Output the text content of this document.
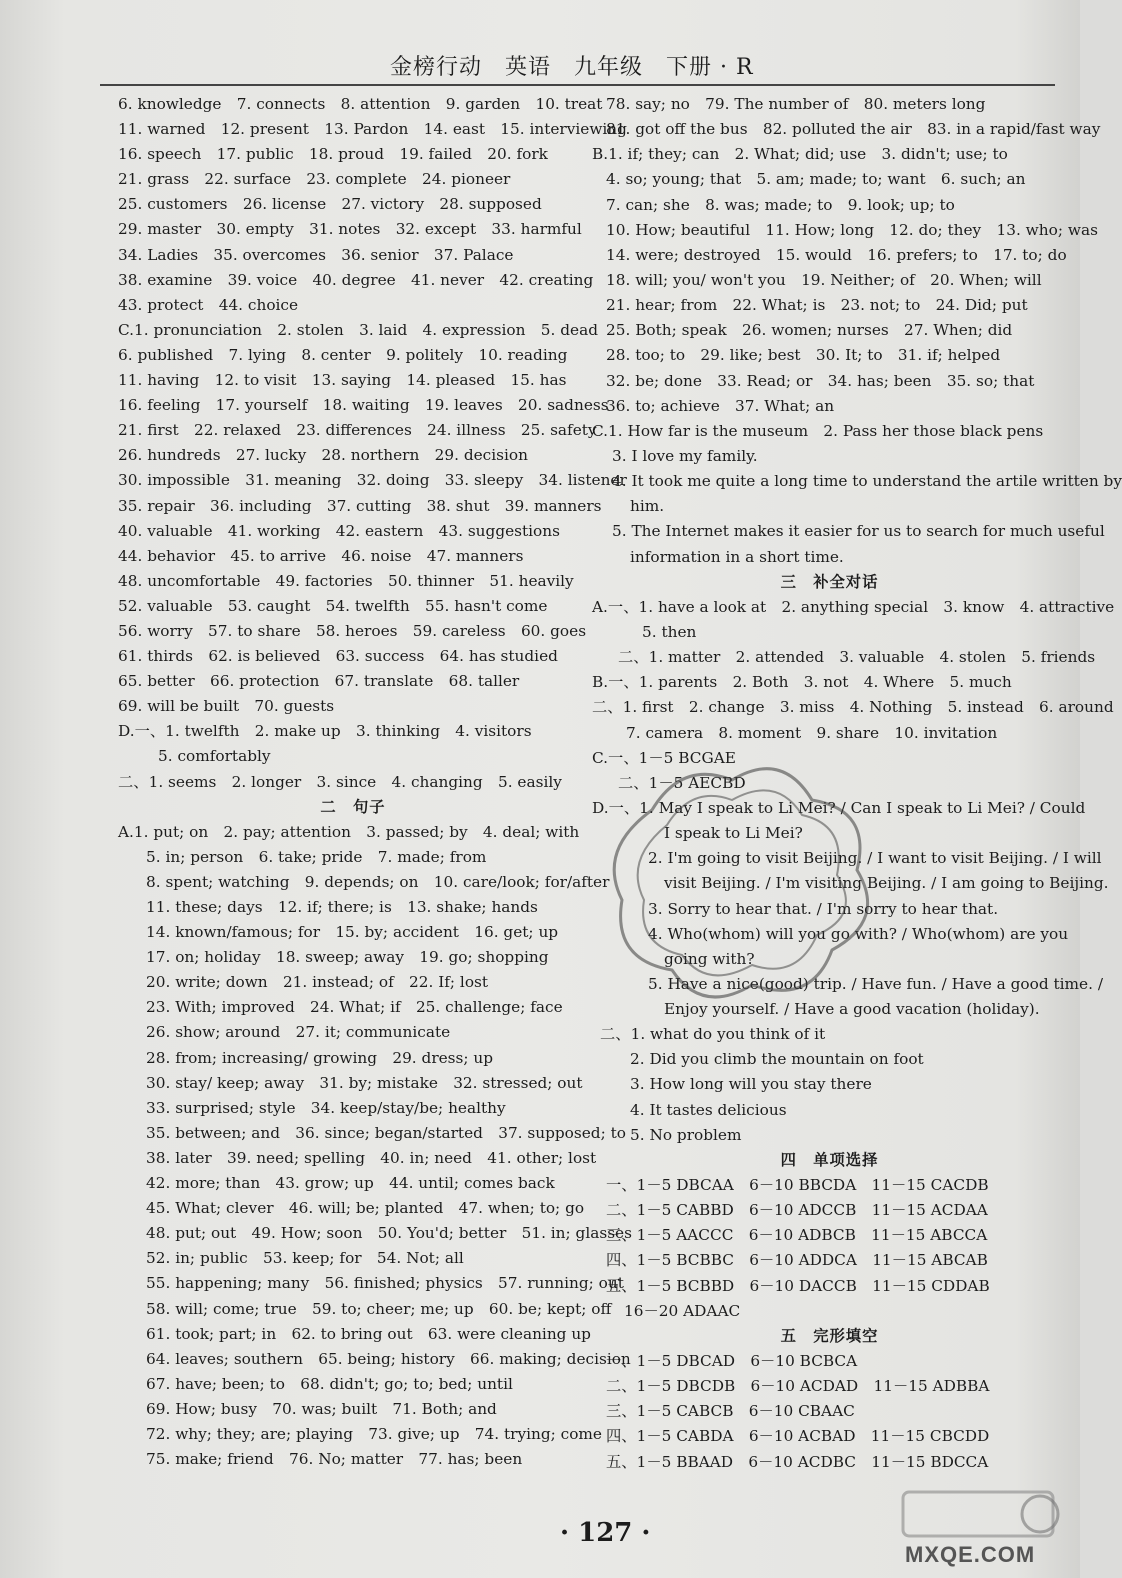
金榜行动　英语　九年级　下册 · R
6. knowledge　7. connects　8. attention　9. garden　10. treat
11. warned　12. present　13. Pardon　14. east　15. interviewing
16. speech　17. public　18. proud　19. failed　20. fork
21. grass　22. surface　23. complete　24. pioneer
25. customers　26. license　27. victory　28. supposed
29. master　30. empty　31. notes　32. except　33. harmful
34. Ladies　35. overcomes　36. senior　37. Palace
38. examine　39. voice　40. degree　41. never　42. creating
43. protect　44. choice
C.1. pronunciation　2. stolen　3. laid　4. expression　5. dead
6. published　7. lying　8. center　9. politely　10. reading
11. having　12. to visit　13. saying　14. pleased　15. has
16. feeling　17. yourself　18. waiting　19. leaves　20. sadness
21. first　22. relaxed　23. differences　24. illness　25. safety
26. hundreds　27. lucky　28. northern　29. decision
30. impossible　31. meaning　32. doing　33. sleepy　34. listener
35. repair　36. including　37. cutting　38. shut　39. manners
40. valuable　41. working　42. eastern　43. suggestions
44. behavior　45. to arrive　46. noise　47. manners
48. uncomfortable　49. factories　50. thinner　51. heavily
52. valuable　53. caught　54. twelfth　55. hasn't come
56. worry　57. to share　58. heroes　59. careless　60. goes
61. thirds　62. is believed　63. success　64. has studied
65. better　66. protection　67. translate　68. taller
69. will be built　70. guests
D.一、1. twelfth　2. make up　3. thinking　4. visitors
5. comfortably
二、1. seems　2. longer　3. since　4. changing　5. easily
二　句子
A.1. put; on　2. pay; attention　3. passed; by　4. deal; with
5. in; person　6. take; pride　7. made; from
8. spent; watching　9. depends; on　10. care/look; for/after
11. these; days　12. if; there; is　13. shake; hands
14. known/famous; for　15. by; accident　16. get; up
17. on; holiday　18. sweep; away　19. go; shopping
20. write; down　21. instead; of　22. If; lost
23. With; improved　24. What; if　25. challenge; face
26. show; around　27. it; communicate
28. from; increasing/ growing　29. dress; up
30. stay/ keep; away　31. by; mistake　32. stressed; out
33. surprised; style　34. keep/stay/be; healthy
35. between; and　36. since; began/started　37. supposed; to
38. later　39. need; spelling　40. in; need　41. other; lost
42. more; than　43. grow; up　44. until; comes back
45. What; clever　46. will; be; planted　47. when; to; go
48. put; out　49. How; soon　50. You'd; better　51. in; glasses
52. in; public　53. keep; for　54. Not; all
55. happening; many　56. finished; physics　57. running; out
58. will; come; true　59. to; cheer; me; up　60. be; kept; off
61. took; part; in　62. to bring out　63. were cleaning up
64. leaves; southern　65. being; history　66. making; decision
67. have; been; to　68. didn't; go; to; bed; until
69. How; busy　70. was; built　71. Both; and
72. why; they; are; playing　73. give; up　74. trying; come
75. make; friend　76. No; matter　77. has; been
78. say; no　79. The number of　80. meters long
81. got off the bus　82. polluted the air　83. in a rapid/fast way
B.1. if; they; can　2. What; did; use　3. didn't; use; to
4. so; young; that　5. am; made; to; want　6. such; an
7. can; she　8. was; made; to　9. look; up; to
10. How; beautiful　11. How; long　12. do; they　13. who; was
14. were; destroyed　15. would　16. prefers; to　17. to; do
18. will; you/ won't you　19. Neither; of　20. When; will
21. hear; from　22. What; is　23. not; to　24. Did; put
25. Both; speak　26. women; nurses　27. When; did
28. too; to　29. like; best　30. It; to　31. if; helped
32. be; done　33. Read; or　34. has; been　35. so; that
36. to; achieve　37. What; an
C.1. How far is the museum　2. Pass her those black pens
3. I love my family.
4. It took me quite a long time to understand the artile written by
him.
5. The Internet makes it easier for us to search for much useful
information in a short time.
三　补全对话
A.一、1. have a look at　2. anything special　3. know　4. attractive
5. then
二、1. matter　2. attended　3. valuable　4. stolen　5. friends
B.一、1. parents　2. Both　3. not　4. Where　5. much
二、1. first　2. change　3. miss　4. Nothing　5. instead　6. around
7. camera　8. moment　9. share　10. invitation
C.一、1－5 BCGAE
二、1－5 AECBD
D.一、1. May I speak to Li Mei? / Can I speak to Li Mei? / Could
I speak to Li Mei?
2. I'm going to visit Beijing. / I want to visit Beijing. / I will
visit Beijing. / I'm visiting Beijing. / I am going to Beijing.
3. Sorry to hear that. / I'm sorry to hear that.
4. Who(whom) will you go with? / Who(whom) are you
going with?
5. Have a nice(good) trip. / Have fun. / Have a good time. /
Enjoy yourself. / Have a good vacation (holiday).
二、1. what do you think of it
2. Did you climb the mountain on foot
3. How long will you stay there
4. It tastes delicious
5. No problem
四　单项选择
一、1－5 DBCAA　6－10 BBCDA　11－15 CACDB
二、1－5 CABBD　6－10 ADCCB　11－15 ACDAA
三、1－5 AACCC　6－10 ADBCB　11－15 ABCCA
四、1－5 BCBBC　6－10 ADDCA　11－15 ABCAB
五、1－5 BCBBD　6－10 DACCB　11－15 CDDAB
16－20 ADAAC
五　完形填空
一、1－5 DBCAD　6－10 BCBCA
二、1－5 DBCDB　6－10 ACDAD　11－15 ADBBA
三、1－5 CABCB　6－10 CBAAC
四、1－5 CABDA　6－10 ACBAD　11－15 CBCDD
五、1－5 BBAAD　6－10 ACDBC　11－15 BDCCA
· 127 ·
MXQE.COM
